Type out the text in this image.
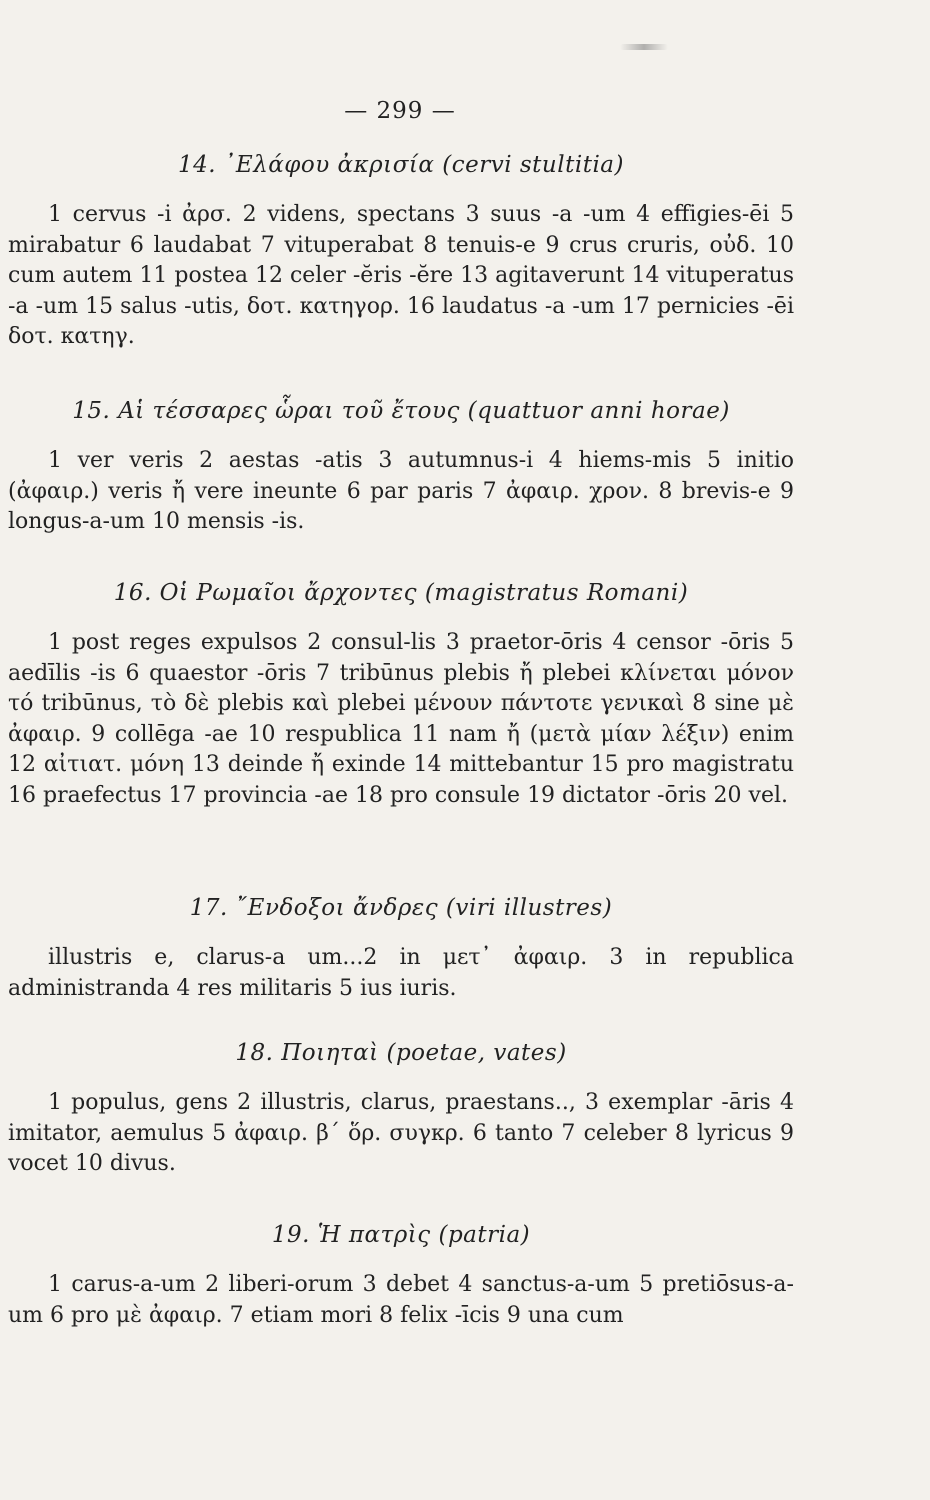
— 299 —
14. ᾿Ελάφου ἀκρισία (cervi stultitia)
1 cervus -i ἀρσ. 2 videns, spectans 3 suus -a -um 4 effigies-ēi 5 mirabatur 6 laudabat 7 vituperabat 8 tenuis-e 9 crus cruris, οὐδ. 10 cum autem 11 postea 12 celer -ĕris -ĕre 13 agitaverunt 14 vituperatus -a -um 15 salus -utis, δοτ. κατηγορ. 16 laudatus -a -um 17 pernicies -ēi δοτ. κατηγ.
15. Αἱ τέσσαρες ὧραι τοῦ ἔτους (quattuor anni horae)
1 ver veris 2 aestas -atis 3 autumnus-i 4 hiems-mis 5 initio (ἀφαιρ.) veris ἤ vere ineunte 6 par paris 7 ἀφαιρ. χρον. 8 brevis-e 9 longus-a-um 10 mensis -is.
16. Οἱ Ρωμαῖοι ἄρχοντες (magistratus Romani)
1 post reges expulsos 2 consul-lis 3 praetor-ōris 4 censor -ōris 5 aedīlis -is 6 quaestor -ōris 7 tribūnus plebis ἤ plebei κλίνεται μόνον τό tribūnus, τὸ δὲ plebis καὶ plebei μένουν πάντοτε γενικαὶ 8 sine μὲ ἀφαιρ. 9 collēga -ae 10 respublica 11 nam ἤ (μετὰ μίαν λέξιν) enim 12 αἰτιατ. μόνη 13 deinde ἤ exinde 14 mittebantur 15 pro magistratu 16 praefectus 17 provincia -ae 18 pro consule 19 dictator -ōris 20 vel.
17. ῎Ενδοξοι ἄνδρες (viri illustres)
illustris e, clarus-a um...2 in μετ᾿ ἀφαιρ. 3 in republica administranda 4 res militaris 5 ius iuris.
18. Ποιηταὶ (poetae, vates)
1 populus, gens 2 illustris, clarus, praestans.., 3 exemplar -āris 4 imitator, aemulus 5 ἀφαιρ. β΄ ὅρ. συγκρ. 6 tanto 7 celeber 8 lyricus 9 vocet 10 divus.
19. Ἡ πατρὶς (patria)
1 carus-a-um 2 liberi-orum 3 debet 4 sanctus-a-um 5 pretiōsus-a-um 6 pro μὲ ἀφαιρ. 7 etiam mori 8 felix -īcis 9 una cum
